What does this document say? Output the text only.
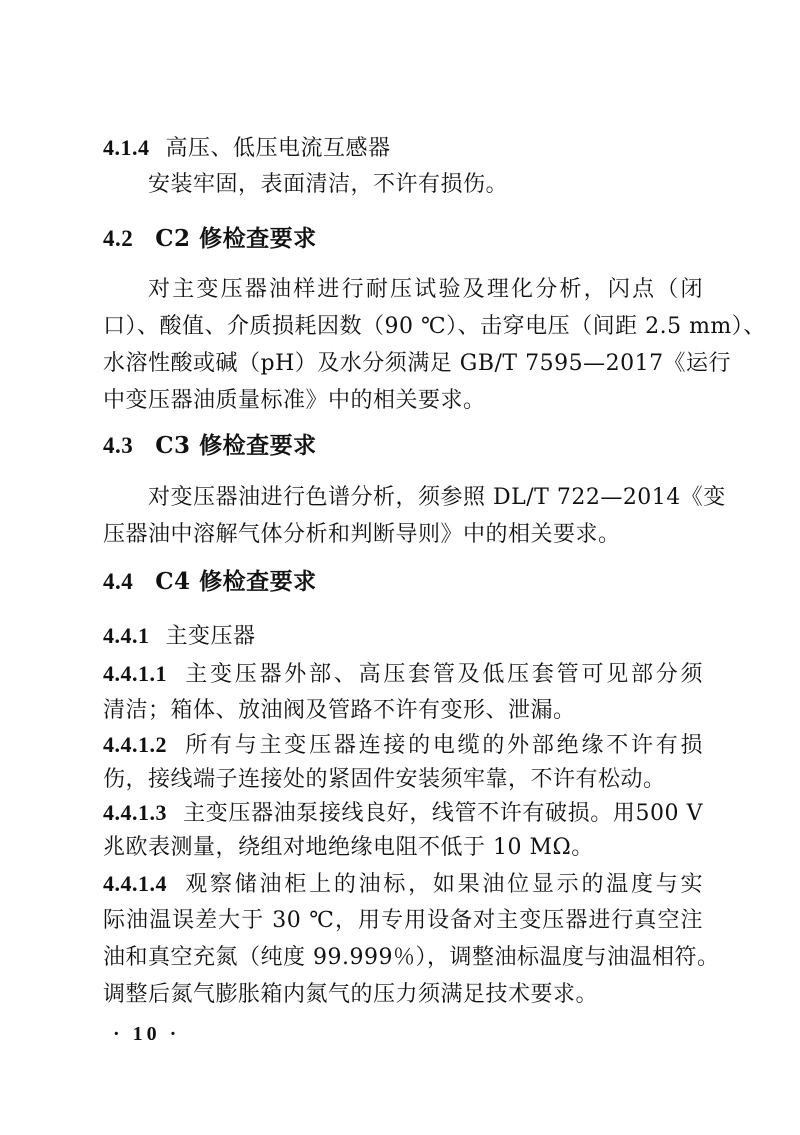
4.1.4 高压、低压电流互感器
安装牢固，表面清洁，不许有损伤。
4.2 C2 修检查要求
对主变压器油样进行耐压试验及理化分析，闪点（闭
口）、酸值、介质损耗因数（90 ℃）、击穿电压（间距 2.5 mm）、
水溶性酸或碱（pH）及水分须满足 GB/T 7595—2017《运行
中变压器油质量标准》中的相关要求。
4.3 C3 修检查要求
对变压器油进行色谱分析，须参照 DL/T 722—2014《变
压器油中溶解气体分析和判断导则》中的相关要求。
4.4 C4 修检查要求
4.4.1 主变压器
4.4.1.1 主变压器外部、高压套管及低压套管可见部分须
清洁；箱体、放油阀及管路不许有变形、泄漏。
4.4.1.2 所有与主变压器连接的电缆的外部绝缘不许有损
伤，接线端子连接处的紧固件安装须牢靠，不许有松动。
4.4.1.3 主变压器油泵接线良好，线管不许有破损。用500 V
兆欧表测量，绕组对地绝缘电阻不低于 10 MΩ。
4.4.1.4 观察储油柜上的油标，如果油位显示的温度与实
际油温误差大于 30 ℃，用专用设备对主变压器进行真空注
油和真空充氮（纯度 99.999％），调整油标温度与油温相符。
调整后氮气膨胀箱内氮气的压力须满足技术要求。
· 10 ·
